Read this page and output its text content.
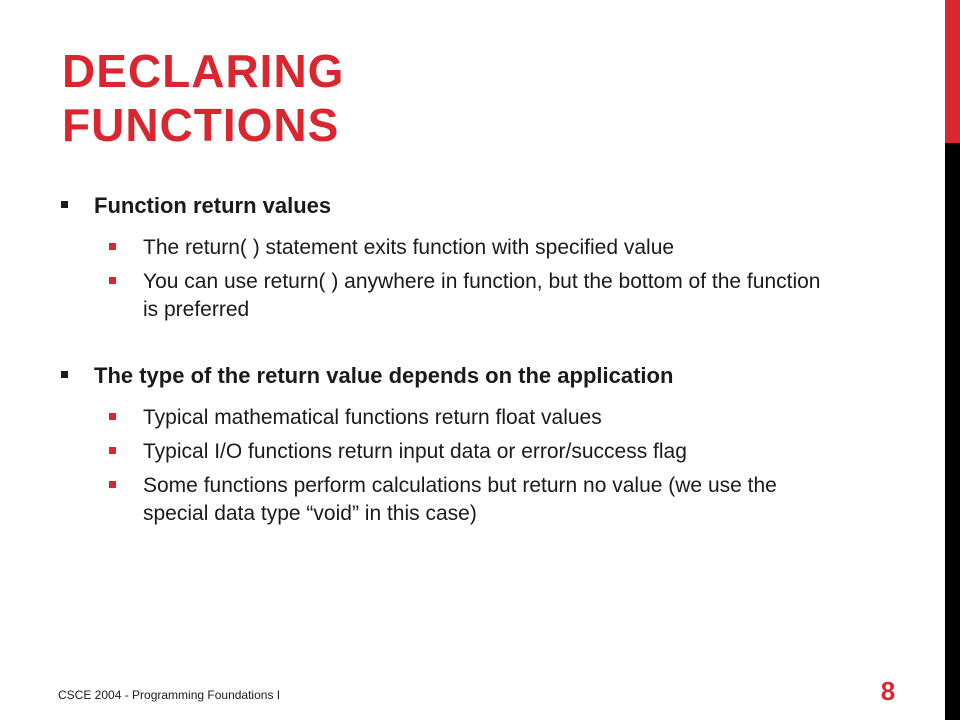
DECLARING
FUNCTIONS
Function return values
The return( ) statement exits function with specified value
You can use return( ) anywhere in function, but the bottom of the function is preferred
The type of the return value depends on the application
Typical mathematical functions return float values
Typical I/O functions return input data or error/success flag
Some functions perform calculations but return no value (we use the special data type “void” in this case)
CSCE 2004 - Programming Foundations I	8
